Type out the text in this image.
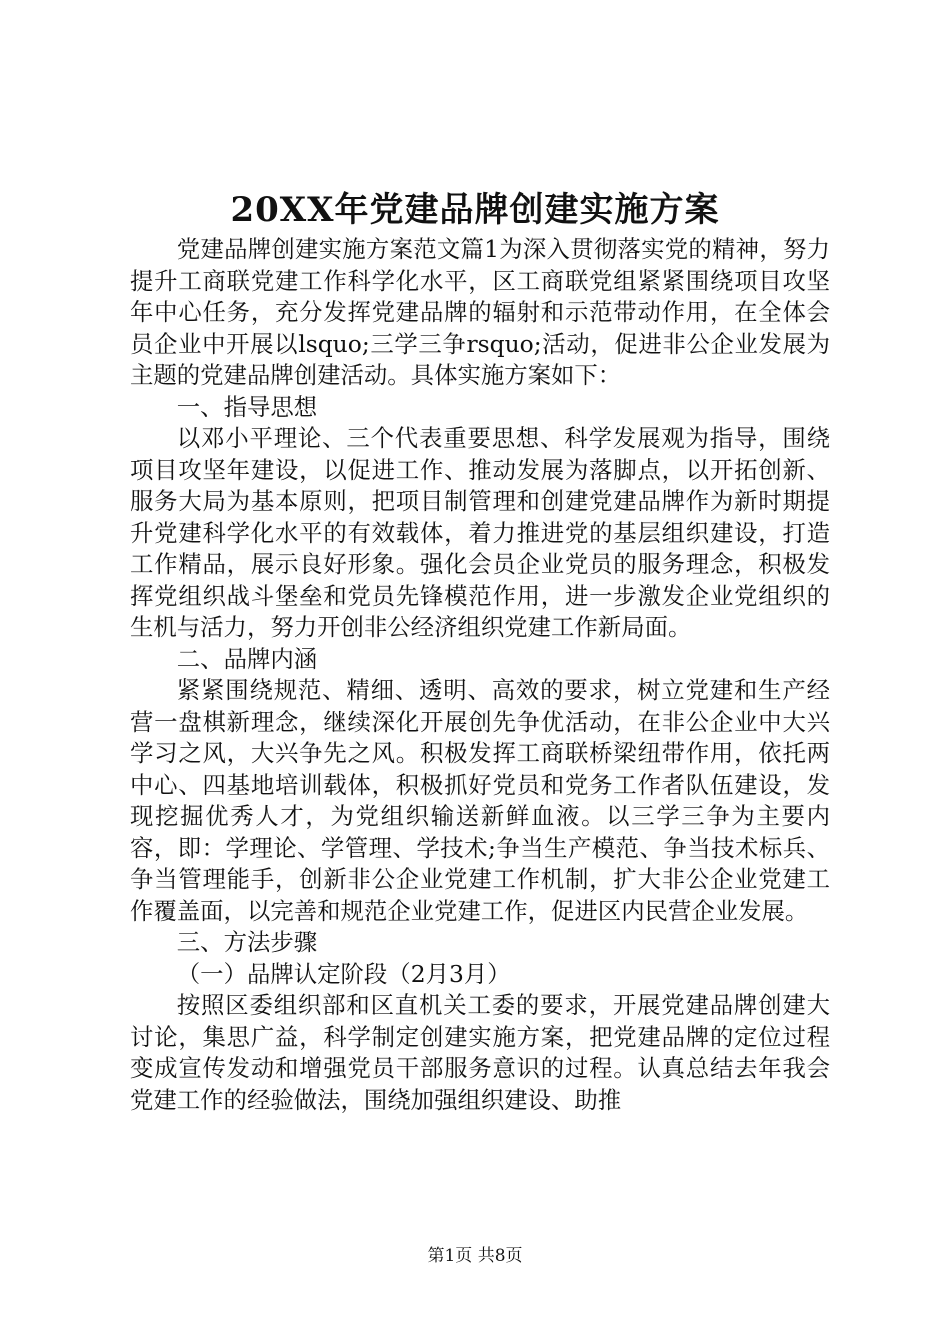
20XX年党建品牌创建实施方案

党建品牌创建实施方案范文篇1为深入贯彻落实党的精神，努力提升工商联党建工作科学化水平，区工商联党组紧紧围绕项目攻坚年中心任务，充分发挥党建品牌的辐射和示范带动作用，在全体会员企业中开展以lsquo;三学三争rsquo;活动，促进非公企业发展为主题的党建品牌创建活动。具体实施方案如下：

一、指导思想

以邓小平理论、三个代表重要思想、科学发展观为指导，围绕项目攻坚年建设，以促进工作、推动发展为落脚点，以开拓创新、服务大局为基本原则，把项目制管理和创建党建品牌作为新时期提升党建科学化水平的有效载体，着力推进党的基层组织建设，打造工作精品，展示良好形象。强化会员企业党员的服务理念，积极发挥党组织战斗堡垒和党员先锋模范作用，进一步激发企业党组织的生机与活力，努力开创非公经济组织党建工作新局面。

二、品牌内涵

紧紧围绕规范、精细、透明、高效的要求，树立党建和生产经营一盘棋新理念，继续深化开展创先争优活动，在非公企业中大兴学习之风，大兴争先之风。积极发挥工商联桥梁纽带作用，依托两中心、四基地培训载体，积极抓好党员和党务工作者队伍建设，发现挖掘优秀人才，为党组织输送新鲜血液。以三学三争为主要内容，即：学理论、学管理、学技术;争当生产模范、争当技术标兵、争当管理能手，创新非公企业党建工作机制，扩大非公企业党建工作覆盖面，以完善和规范企业党建工作，促进区内民营企业发展。

三、方法步骤

（一）品牌认定阶段（2月3月）

按照区委组织部和区直机关工委的要求，开展党建品牌创建大讨论，集思广益，科学制定创建实施方案，把党建品牌的定位过程变成宣传发动和增强党员干部服务意识的过程。认真总结去年我会党建工作的经验做法，围绕加强组织建设、助推

第1页 共8页
